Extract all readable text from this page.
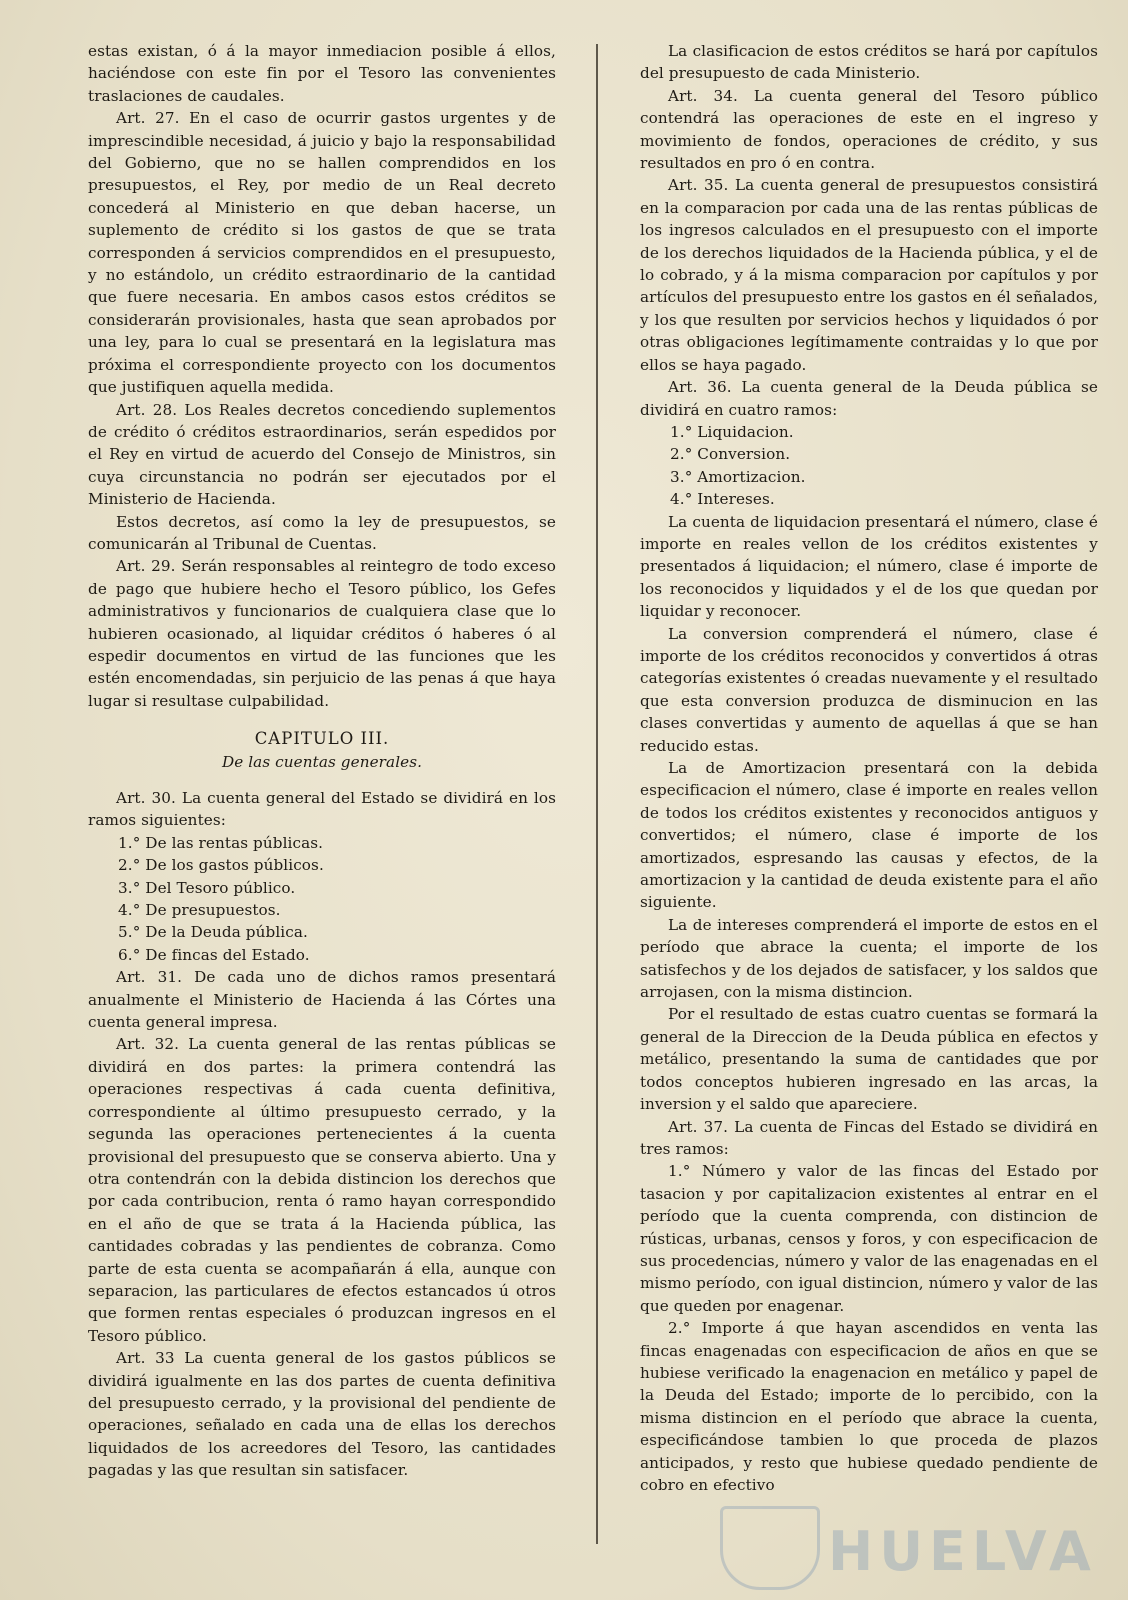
estas existan, ó á la mayor inmediacion posible á ellos, haciéndose con este fin por el Tesoro las convenientes traslaciones de caudales.

Art. 27. En el caso de ocurrir gastos urgentes y de imprescindible necesidad, á juicio y bajo la responsabilidad del Gobierno, que no se hallen comprendidos en los presupuestos, el Rey, por medio de un Real decreto concederá al Ministerio en que deban hacerse, un suplemento de crédito si los gastos de que se trata corresponden á servicios comprendidos en el presupuesto, y no estándolo, un crédito estraordinario de la cantidad que fuere necesaria. En ambos casos estos créditos se considerarán provisionales, hasta que sean aprobados por una ley, para lo cual se presentará en la legislatura mas próxima el correspondiente proyecto con los documentos que justifiquen aquella medida.

Art. 28. Los Reales decretos concediendo suplementos de crédito ó créditos estraordinarios, serán espedidos por el Rey en virtud de acuerdo del Consejo de Ministros, sin cuya circunstancia no podrán ser ejecutados por el Ministerio de Hacienda.

Estos decretos, así como la ley de presupuestos, se comunicarán al Tribunal de Cuentas.

Art. 29. Serán responsables al reintegro de todo exceso de pago que hubiere hecho el Tesoro público, los Gefes administrativos y funcionarios de cualquiera clase que lo hubieren ocasionado, al liquidar créditos ó haberes ó al espedir documentos en virtud de las funciones que les estén encomendadas, sin perjuicio de las penas á que haya lugar si resultase culpabilidad.

CAPITULO III.

De las cuentas generales.

Art. 30. La cuenta general del Estado se dividirá en los ramos siguientes:

1.° De las rentas públicas.

2.° De los gastos públicos.

3.° Del Tesoro público.

4.° De presupuestos.

5.° De la Deuda pública.

6.° De fincas del Estado.

Art. 31. De cada uno de dichos ramos presentará anualmente el Ministerio de Hacienda á las Córtes una cuenta general impresa.

Art. 32. La cuenta general de las rentas públicas se dividirá en dos partes: la primera contendrá las operaciones respectivas á cada cuenta definitiva, correspondiente al último presupuesto cerrado, y la segunda las operaciones pertenecientes á la cuenta provisional del presupuesto que se conserva abierto. Una y otra contendrán con la debida distincion los derechos que por cada contribucion, renta ó ramo hayan correspondido en el año de que se trata á la Hacienda pública, las cantidades cobradas y las pendientes de cobranza. Como parte de esta cuenta se acompañarán á ella, aunque con separacion, las particulares de efectos estancados ú otros que formen rentas especiales ó produzcan ingresos en el Tesoro público.

Art. 33 La cuenta general de los gastos públicos se dividirá igualmente en las dos partes de cuenta definitiva del presupuesto cerrado, y la provisional del pendiente de operaciones, señalado en cada una de ellas los derechos liquidados de los acreedores del Tesoro, las cantidades pagadas y las que resultan sin satisfacer.

La clasificacion de estos créditos se hará por capítulos del presupuesto de cada Ministerio.

Art. 34. La cuenta general del Tesoro público contendrá las operaciones de este en el ingreso y movimiento de fondos, operaciones de crédito, y sus resultados en pro ó en contra.

Art. 35. La cuenta general de presupuestos consistirá en la comparacion por cada una de las rentas públicas de los ingresos calculados en el presupuesto con el importe de los derechos liquidados de la Hacienda pública, y el de lo cobrado, y á la misma comparacion por capítulos y por artículos del presupuesto entre los gastos en él señalados, y los que resulten por servicios hechos y liquidados ó por otras obligaciones legítimamente contraidas y lo que por ellos se haya pagado.

Art. 36. La cuenta general de la Deuda pública se dividirá en cuatro ramos:

1.° Liquidacion.

2.° Conversion.

3.° Amortizacion.

4.° Intereses.

La cuenta de liquidacion presentará el número, clase é importe en reales vellon de los créditos existentes y presentados á liquidacion; el número, clase é importe de los reconocidos y liquidados y el de los que quedan por liquidar y reconocer.

La conversion comprenderá el número, clase é importe de los créditos reconocidos y convertidos á otras categorías existentes ó creadas nuevamente y el resultado que esta conversion produzca de disminucion en las clases convertidas y aumento de aquellas á que se han reducido estas.

La de Amortizacion presentará con la debida especificacion el número, clase é importe en reales vellon de todos los créditos existentes y reconocidos antiguos y convertidos; el número, clase é importe de los amortizados, espresando las causas y efectos, de la amortizacion y la cantidad de deuda existente para el año siguiente.

La de intereses comprenderá el importe de estos en el período que abrace la cuenta; el importe de los satisfechos y de los dejados de satisfacer, y los saldos que arrojasen, con la misma distincion.

Por el resultado de estas cuatro cuentas se formará la general de la Direccion de la Deuda pública en efectos y metálico, presentando la suma de cantidades que por todos conceptos hubieren ingresado en las arcas, la inversion y el saldo que apareciere.

Art. 37. La cuenta de Fincas del Estado se dividirá en tres ramos:

1.° Número y valor de las fincas del Estado por tasacion y por capitalizacion existentes al entrar en el período que la cuenta comprenda, con distincion de rústicas, urbanas, censos y foros, y con especificacion de sus procedencias, número y valor de las enagenadas en el mismo período, con igual distincion, número y valor de las que queden por enagenar.

2.° Importe á que hayan ascendidos en venta las fincas enagenadas con especificacion de años en que se hubiese verificado la enagenacion en metálico y papel de la Deuda del Estado; importe de lo percibido, con la misma distincion en el período que abrace la cuenta, especificándose tambien lo que proceda de plazos anticipados, y resto que hubiese quedado pendiente de cobro en efectivo

HUELVA
